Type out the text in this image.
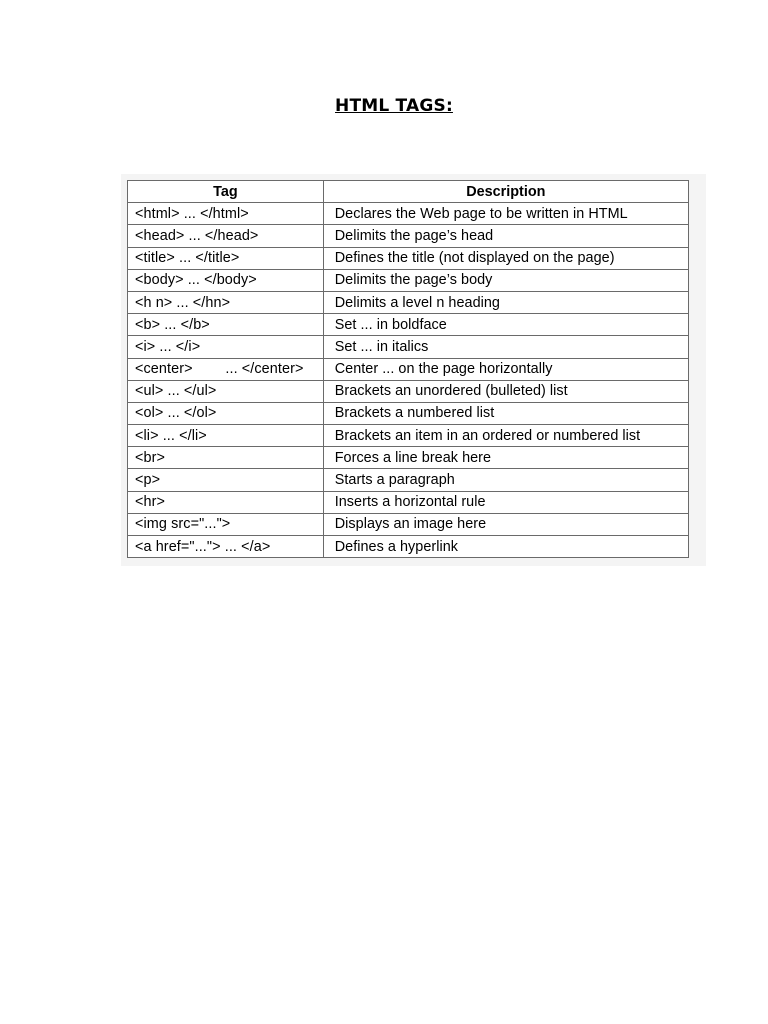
HTML TAGS:
Tag	Description
<html> ... </html>	Declares the Web page to be written in HTML
<head> ... </head>	Delimits the page’s head
<title> ... </title>	Defines the title (not displayed on the page)
<body> ... </body>	Delimits the page’s body
<h n> ... </hn>	Delimits a level n heading
<b> ... </b>	Set ... in boldface
<i> ... </i>	Set ... in italics
<center>        ... </center>	Center ... on the page horizontally
<ul> ... </ul>	Brackets an unordered (bulleted) list
<ol> ... </ol>	Brackets a numbered list
<li> ... </li>	Brackets an item in an ordered or numbered list
<br>	Forces a line break here
<p>	Starts a paragraph
<hr>	Inserts a horizontal rule
<img src="...">	Displays an image here
<a href="..."> ... </a>	Defines a hyperlink
